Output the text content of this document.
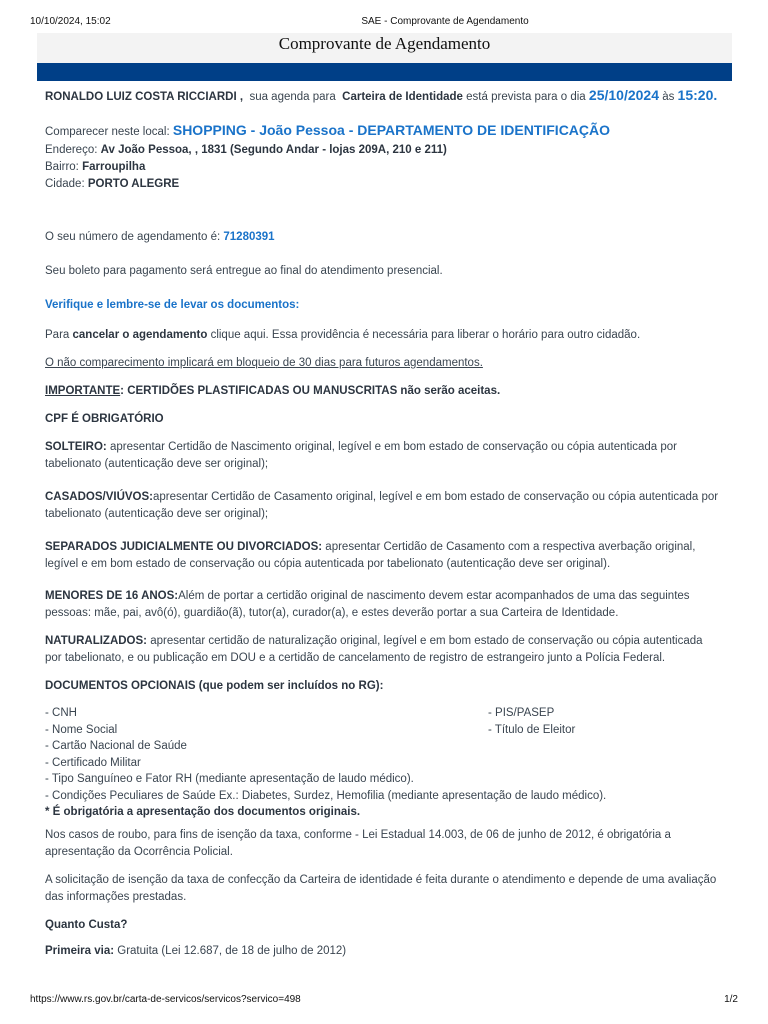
10/10/2024, 15:02	SAE - Comprovante de Agendamento
Comprovante de Agendamento

RONALDO LUIZ COSTA RICCIARDI , sua agenda para Carteira de Identidade está prevista para o dia 25/10/2024 às 15:20.

Comparecer neste local: SHOPPING - João Pessoa - DEPARTAMENTO DE IDENTIFICAÇÃO

Endereço: Av João Pessoa, , 1831 (Segundo Andar - lojas 209A, 210 e 211)

Bairro: Farroupilha

Cidade: PORTO ALEGRE

O seu número de agendamento é: 71280391

Seu boleto para pagamento será entregue ao final do atendimento presencial.

Verifique e lembre-se de levar os documentos:

Para cancelar o agendamento clique aqui. Essa providência é necessária para liberar o horário para outro cidadão.

O não comparecimento implicará em bloqueio de 30 dias para futuros agendamentos.

IMPORTANTE: CERTIDÕES PLASTIFICADAS OU MANUSCRITAS não serão aceitas.

CPF É OBRIGATÓRIO

SOLTEIRO: apresentar Certidão de Nascimento original, legível e em bom estado de conservação ou cópia autenticada por tabelionato (autenticação deve ser original);

CASADOS/VIÚVOS:apresentar Certidão de Casamento original, legível e em bom estado de conservação ou cópia autenticada por tabelionato (autenticação deve ser original);

SEPARADOS JUDICIALMENTE OU DIVORCIADOS: apresentar Certidão de Casamento com a respectiva averbação original, legível e em bom estado de conservação ou cópia autenticada por tabelionato (autenticação deve ser original).

MENORES DE 16 ANOS:Além de portar a certidão original de nascimento devem estar acompanhados de uma das seguintes pessoas: mãe, pai, avô(ó), guardião(ã), tutor(a), curador(a), e estes deverão portar a sua Carteira de Identidade.

NATURALIZADOS: apresentar certidão de naturalização original, legível e em bom estado de conservação ou cópia autenticada por tabelionato, e ou publicação em DOU e a certidão de cancelamento de registro de estrangeiro junto a Polícia Federal.

DOCUMENTOS OPCIONAIS (que podem ser incluídos no RG):

- CNH

- Nome Social

- Cartão Nacional de Saúde

- Certificado Militar

- Tipo Sanguíneo e Fator RH (mediante apresentação de laudo médico).

- Condições Peculiares de Saúde Ex.: Diabetes, Surdez, Hemofilia (mediante apresentação de laudo médico).

* É obrigatória a apresentação dos documentos originais.

- PIS/PASEP

- Título de Eleitor

Nos casos de roubo, para fins de isenção da taxa, conforme - Lei Estadual 14.003, de 06 de junho de 2012, é obrigatória a apresentação da Ocorrência Policial.

A solicitação de isenção da taxa de confecção da Carteira de identidade é feita durante o atendimento e depende de uma avaliação das informações prestadas.

Quanto Custa?

Primeira via: Gratuita (Lei 12.687, de 18 de julho de 2012)

https://www.rs.gov.br/carta-de-servicos/servicos?servico=498	1/2
